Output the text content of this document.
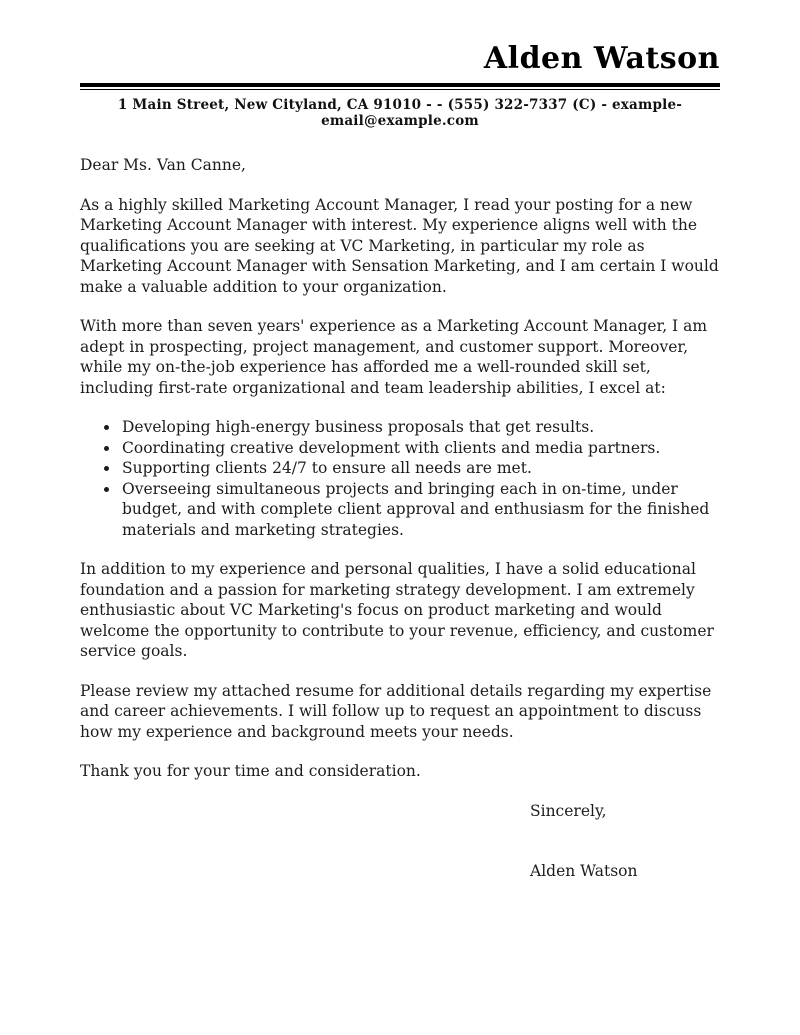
Alden Watson
1 Main Street, New Cityland, CA 91010 - - (555) 322-7337 (C) - example-email@example.com

Dear Ms. Van Canne,

As a highly skilled Marketing Account Manager, I read your posting for a new Marketing Account Manager with interest. My experience aligns well with the qualifications you are seeking at VC Marketing, in particular my role as Marketing Account Manager with Sensation Marketing, and I am certain I would make a valuable addition to your organization.

With more than seven years' experience as a Marketing Account Manager, I am adept in prospecting, project management, and customer support. Moreover, while my on-the-job experience has afforded me a well-rounded skill set, including first-rate organizational and team leadership abilities, I excel at:

• Developing high-energy business proposals that get results.
• Coordinating creative development with clients and media partners.
• Supporting clients 24/7 to ensure all needs are met.
• Overseeing simultaneous projects and bringing each in on-time, under budget, and with complete client approval and enthusiasm for the finished materials and marketing strategies.

In addition to my experience and personal qualities, I have a solid educational foundation and a passion for marketing strategy development. I am extremely enthusiastic about VC Marketing's focus on product marketing and would welcome the opportunity to contribute to your revenue, efficiency, and customer service goals.

Please review my attached resume for additional details regarding my expertise and career achievements. I will follow up to request an appointment to discuss how my experience and background meets your needs.

Thank you for your time and consideration.

Sincerely,

Alden Watson
